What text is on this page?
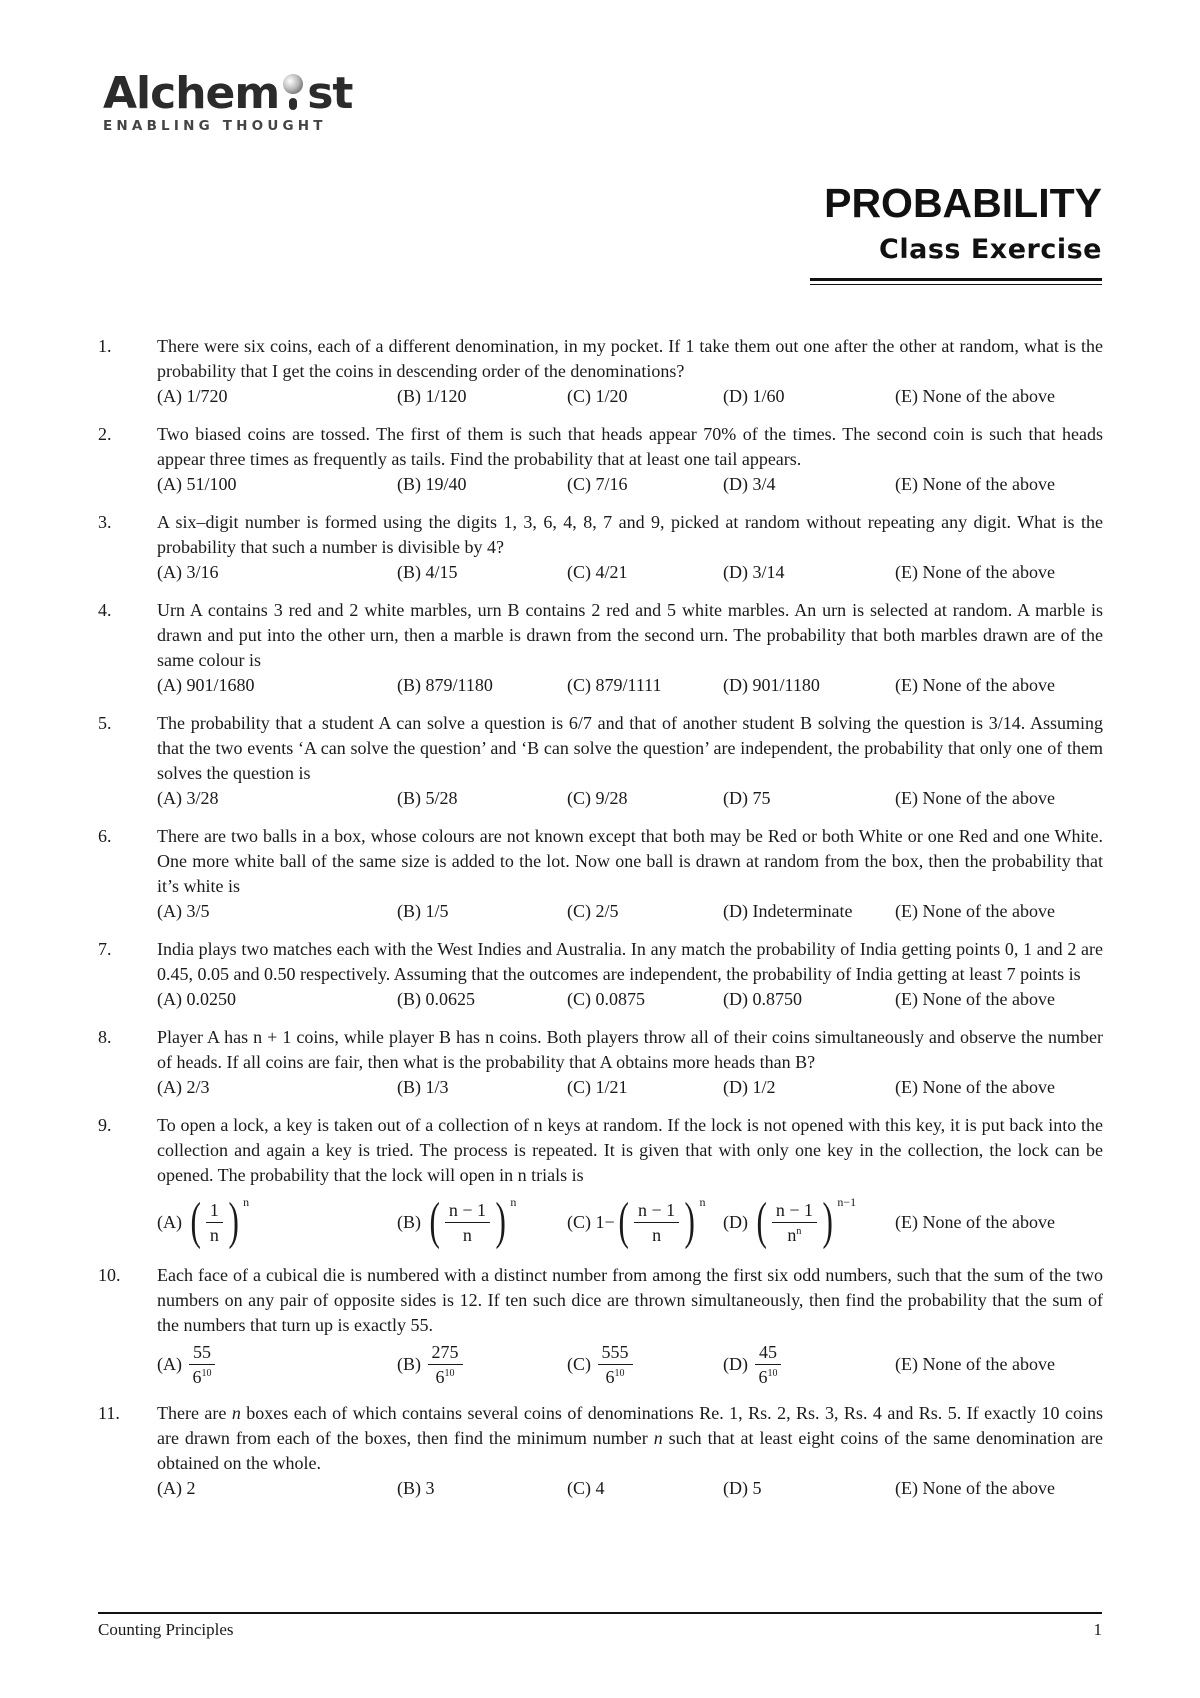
Alchem st
ENABLING THOUGHT
PROBABILITY
Class Exercise
1.	There were six coins, each of a different denomination, in my pocket. If 1 take them out one after the other at random, what is the probability that I get the coins in descending order of the denominations?
(A) 1/720	(B) 1/120	(C) 1/20	(D) 1/60	(E) None of the above
2.	Two biased coins are tossed. The first of them is such that heads appear 70% of the times. The second coin is such that heads appear three times as frequently as tails. Find the probability that at least one tail appears.
(A) 51/100	(B) 19/40	(C) 7/16	(D) 3/4	(E) None of the above
3.	A six–digit number is formed using the digits 1, 3, 6, 4, 8, 7 and 9, picked at random without repeating any digit. What is the probability that such a number is divisible by 4?
(A) 3/16	(B) 4/15	(C) 4/21	(D) 3/14	(E) None of the above
4.	Urn A contains 3 red and 2 white marbles, urn B contains 2 red and 5 white marbles. An urn is selected at random. A marble is drawn and put into the other urn, then a marble is drawn from the second urn. The probability that both marbles drawn are of the same colour is
(A) 901/1680	(B) 879/1180	(C) 879/1111	(D) 901/1180	(E) None of the above
5.	The probability that a student A can solve a question is 6/7 and that of another student B solving the question is 3/14. Assuming that the two events ‘A can solve the question’ and ‘B can solve the question’ are independent, the probability that only one of them solves the question is
(A) 3/28	(B) 5/28	(C) 9/28	(D) 75	(E) None of the above
6.	There are two balls in a box, whose colours are not known except that both may be Red or both White or one Red and one White. One more white ball of the same size is added to the lot. Now one ball is drawn at random from the box, then the probability that it’s white is
(A) 3/5	(B) 1/5	(C) 2/5	(D) Indeterminate	(E) None of the above
7.	India plays two matches each with the West Indies and Australia. In any match the probability of India getting points 0, 1 and 2 are 0.45, 0.05 and 0.50 respectively. Assuming that the outcomes are independent, the probability of India getting at least 7 points is
(A) 0.0250	(B) 0.0625	(C) 0.0875	(D) 0.8750	(E) None of the above
8.	Player A has n + 1 coins, while player B has n coins. Both players throw all of their coins simultaneously and observe the number of heads. If all coins are fair, then what is the probability that A obtains more heads than B?
(A) 2/3	(B) 1/3	(C) 1/21	(D) 1/2	(E) None of the above
9.	To open a lock, a key is taken out of a collection of n keys at random. If the lock is not opened with this key, it is put back into the collection and again a key is tried. The process is repeated. It is given that with only one key in the collection, the lock can be opened. The probability that the lock will open in n trials is
(A)
( $\frac{1}{n}$ ) n
(B)
( $\frac{n - 1}{n}$ ) n
(C)
1− ( $\frac{n - 1}{n}$ ) n
(D)
( $\frac{n - 1}{n^n}$ ) n−1
(E) None of the above
10. Each face of a cubical die is numbered with a distinct number from among the first six odd numbers, such that the sum of the two numbers on any pair of opposite sides is 12. If ten such dice are thrown simultaneously, then find the probability that the sum of the numbers that turn up is exactly 55.
(A)
$\frac{55}{6^{10}}$	(B)
$\frac{275}{6^{10}}$	(C)
$\frac{555}{6^{10}}$	(D)
$\frac{45}{6^{10}}$	(E) None of the above
11. There are n boxes each of which contains several coins of denominations Re. 1, Rs. 2, Rs. 3, Rs. 4 and Rs. 5. If exactly 10 coins are drawn from each of the boxes, then find the minimum number n such that at least eight coins of the same denomination are obtained on the whole.
(A) 2	(B) 3	(C) 4	(D) 5	(E) None of the above
Counting Principles	1
